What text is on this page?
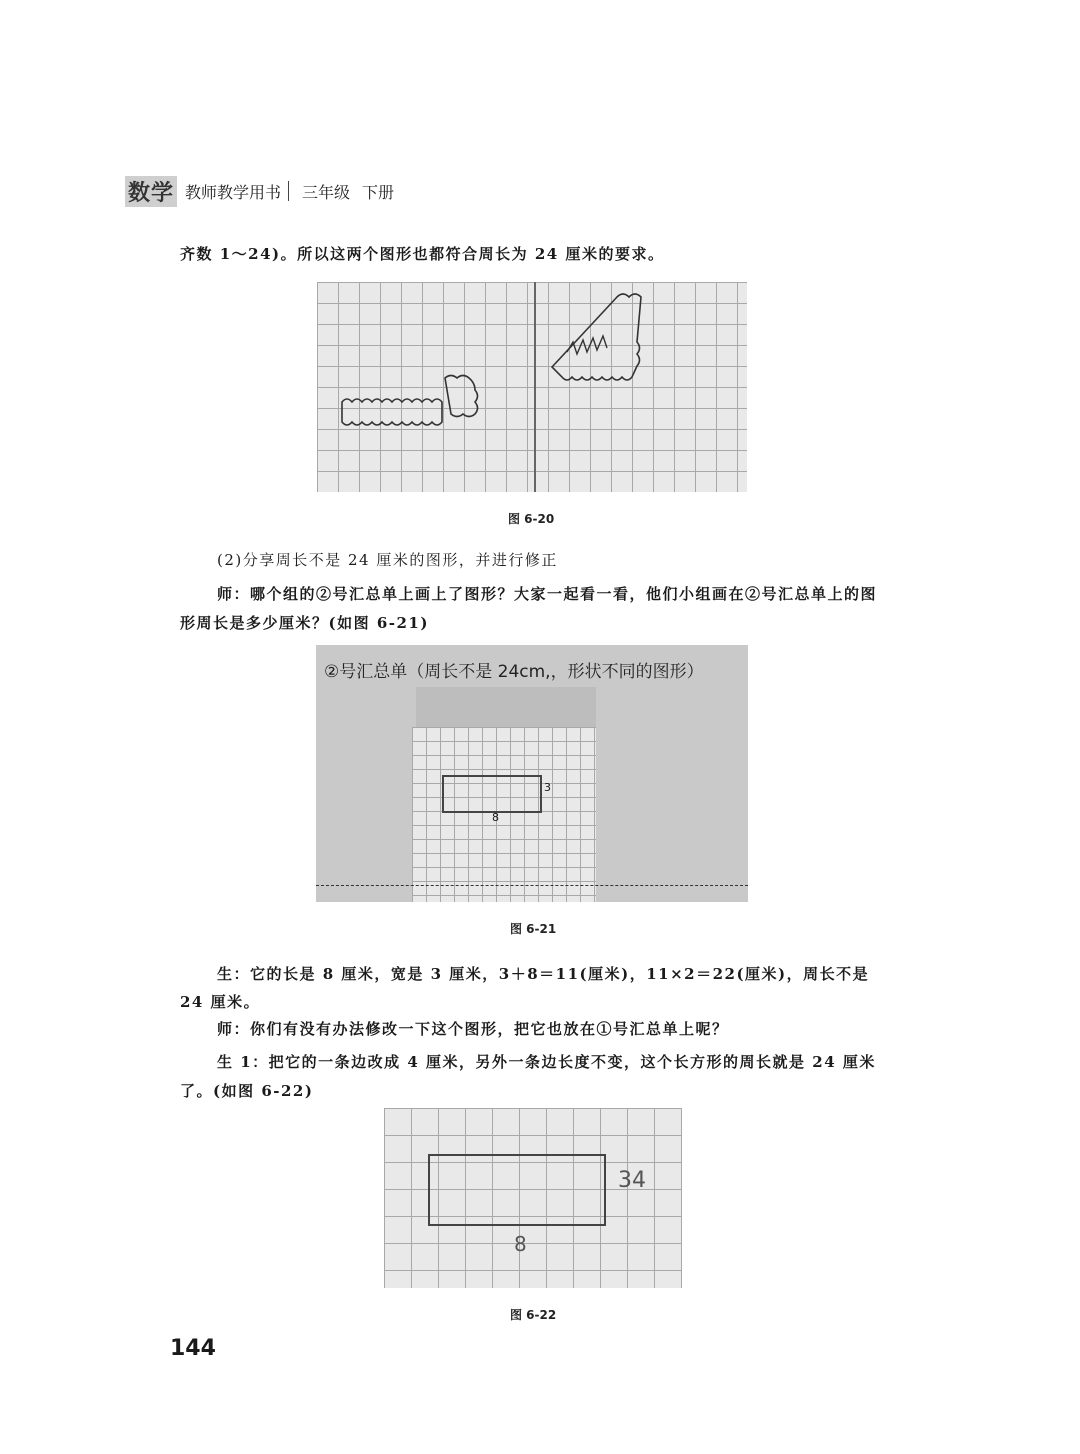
数学 教师教学用书 三年级 下册

齐数 1～24)。所以这两个图形也都符合周长为 24 厘米的要求。

图 6-20

(2)分享周长不是 24 厘米的图形，并进行修正

师：哪个组的②号汇总单上画上了图形？大家一起看一看，他们小组画在②号汇总单上的图形周长是多少厘米？(如图 6-21)

②号汇总单（周长不是 24cm,，形状不同的图形）
3
8
图 6-21

生：它的长是 8 厘米，宽是 3 厘米，3＋8＝11(厘米)，11×2＝22(厘米)，周长不是 24 厘米。

师：你们有没有办法修改一下这个图形，把它也放在①号汇总单上呢？

生 1：把它的一条边改成 4 厘米，另外一条边长度不变，这个长方形的周长就是 24 厘米了。(如图 6-22)

34
8
图 6-22
144
